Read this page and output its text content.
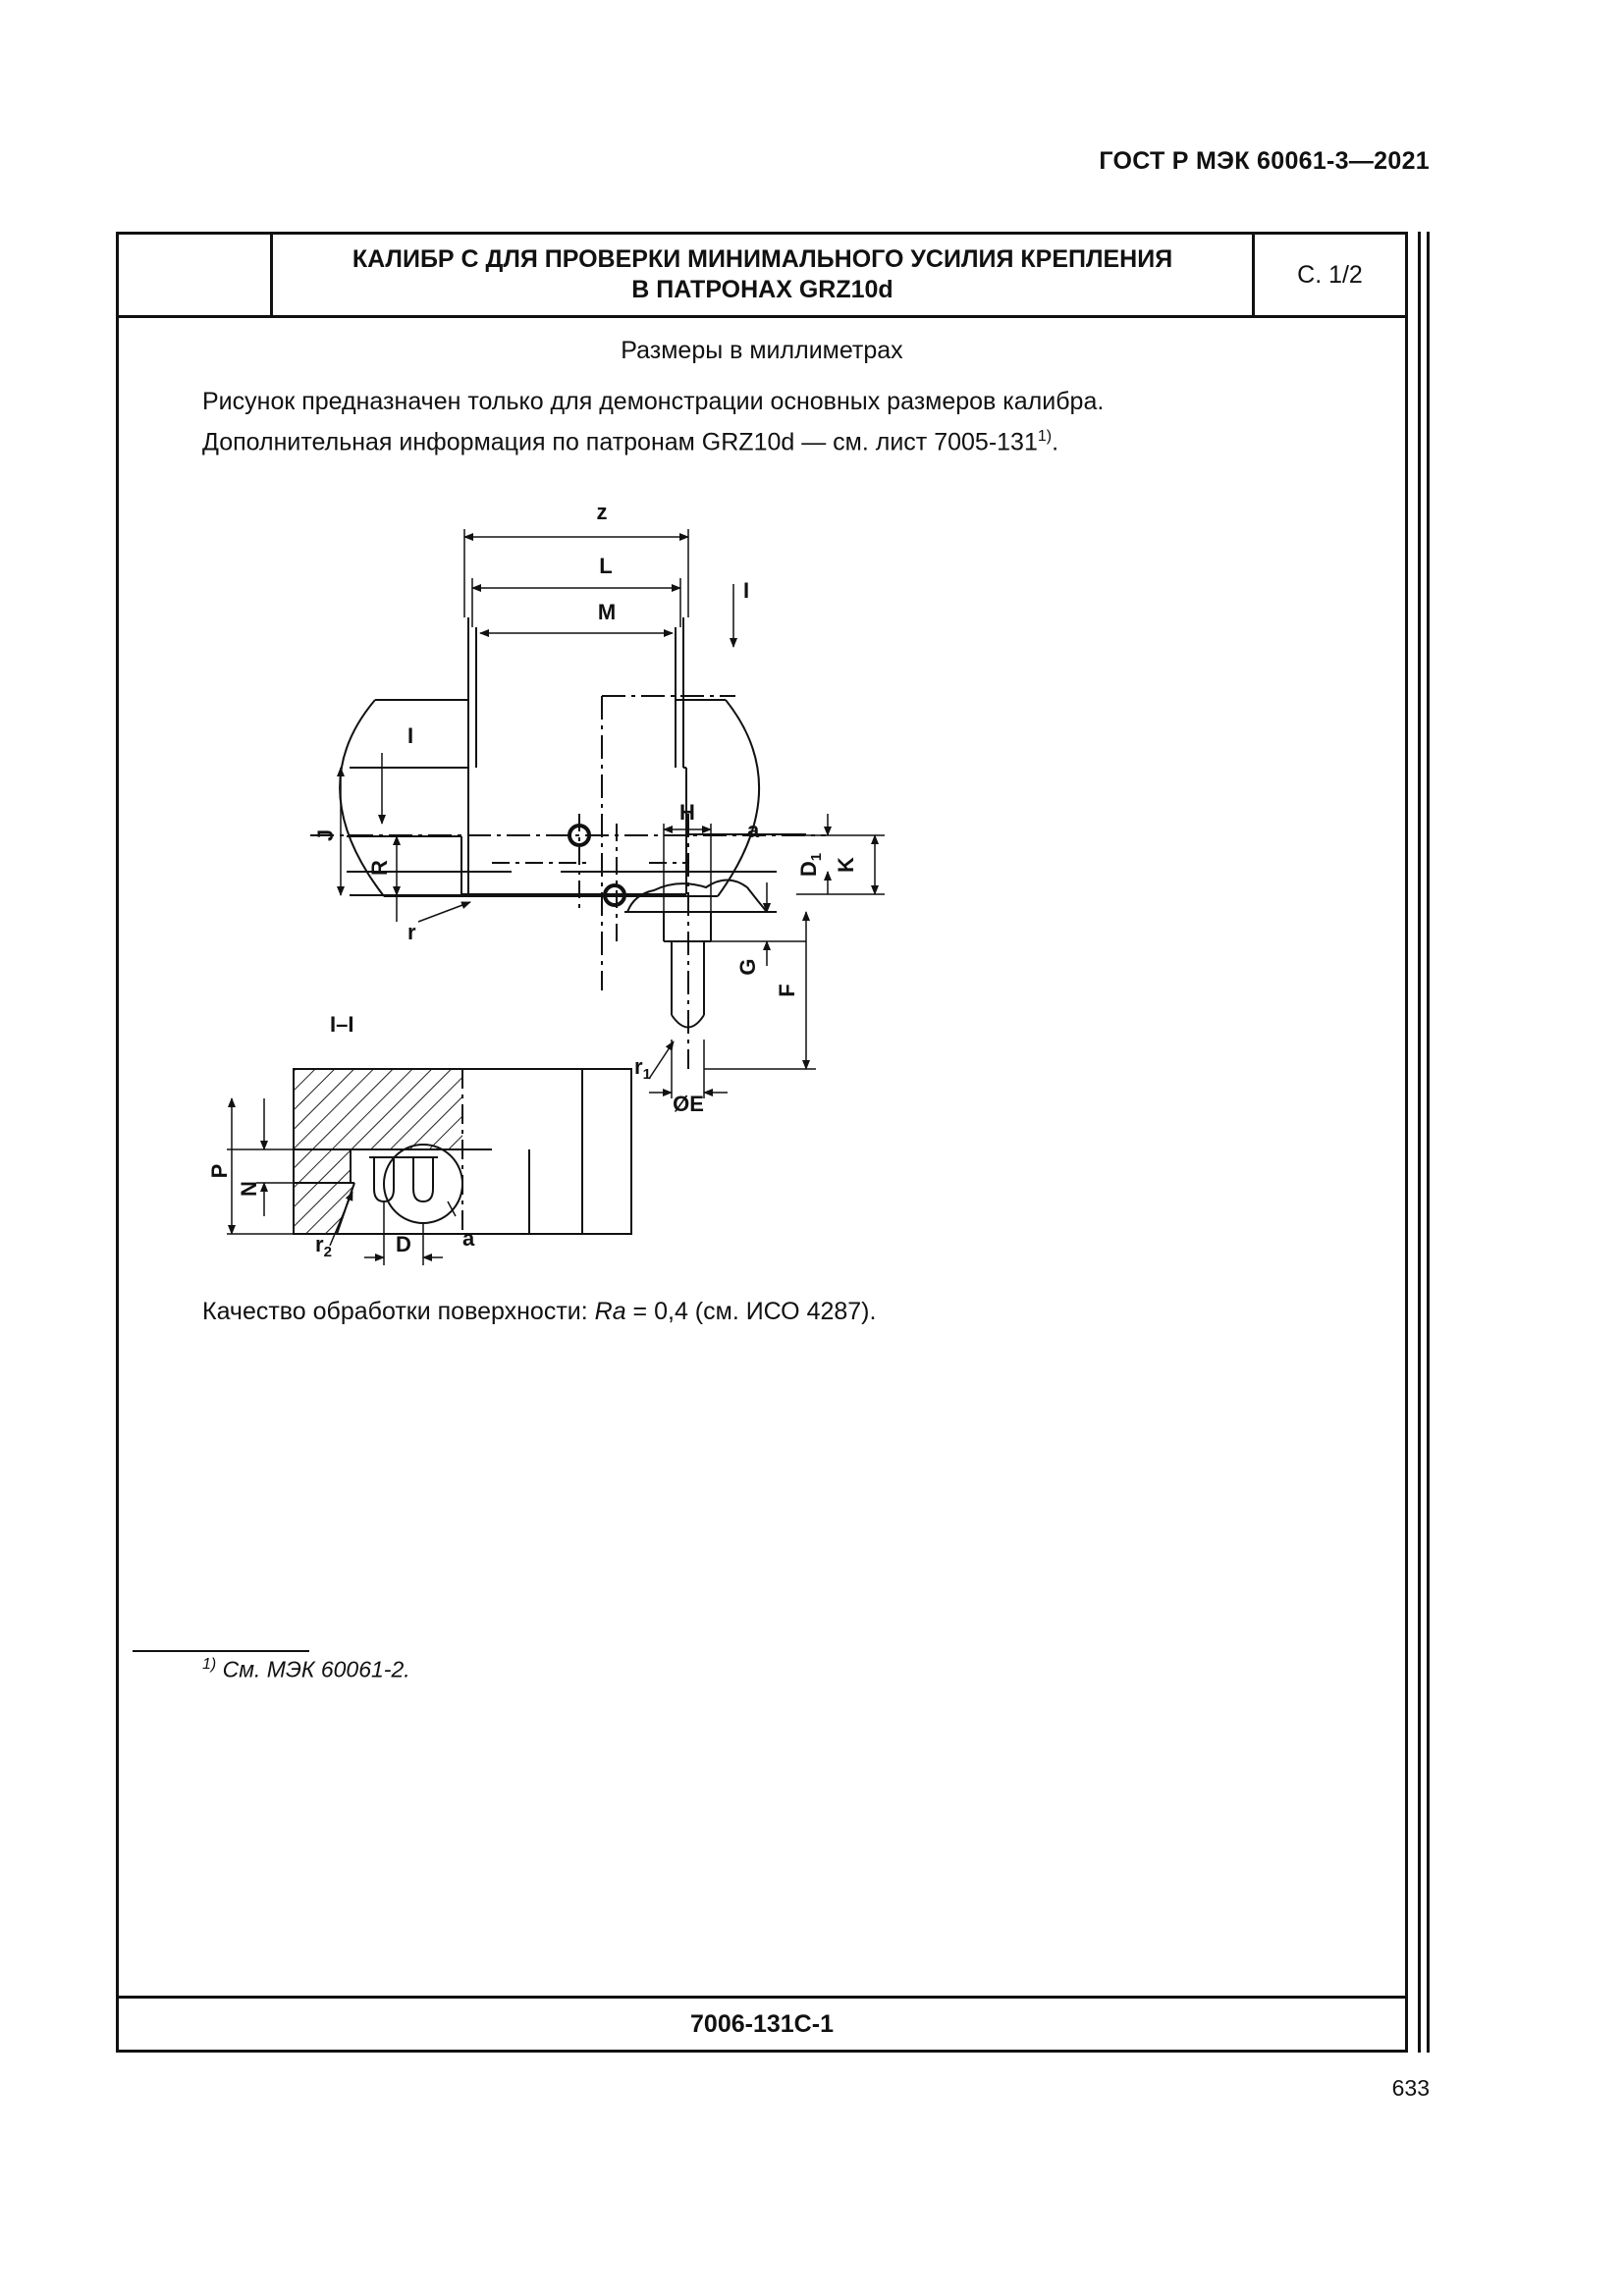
ГОСТ Р МЭК 60061-3—2021
КАЛИБР С ДЛЯ ПРОВЕРКИ МИНИМАЛЬНОГО УСИЛИЯ КРЕПЛЕНИЯ
В ПАТРОНАХ GRZ10d
С. 1/2
Размеры в миллиметрах
Рисунок предназначен только для демонстрации основных размеров калибра.
Дополнительная информация по патронам GRZ10d — см. лист 7005-131$^{1)}$.
z
L
M
I
I
J
R	$D_1$ K
r
I–I
P
N
$r_2$	D a
H
a
G
F
$r_1$
ØE
Качество обработки поверхности: Ra = 0,4 (см. ИСО 4287).
$^{1)}$ См. МЭК 60061-2.
7006-131C-1
633
